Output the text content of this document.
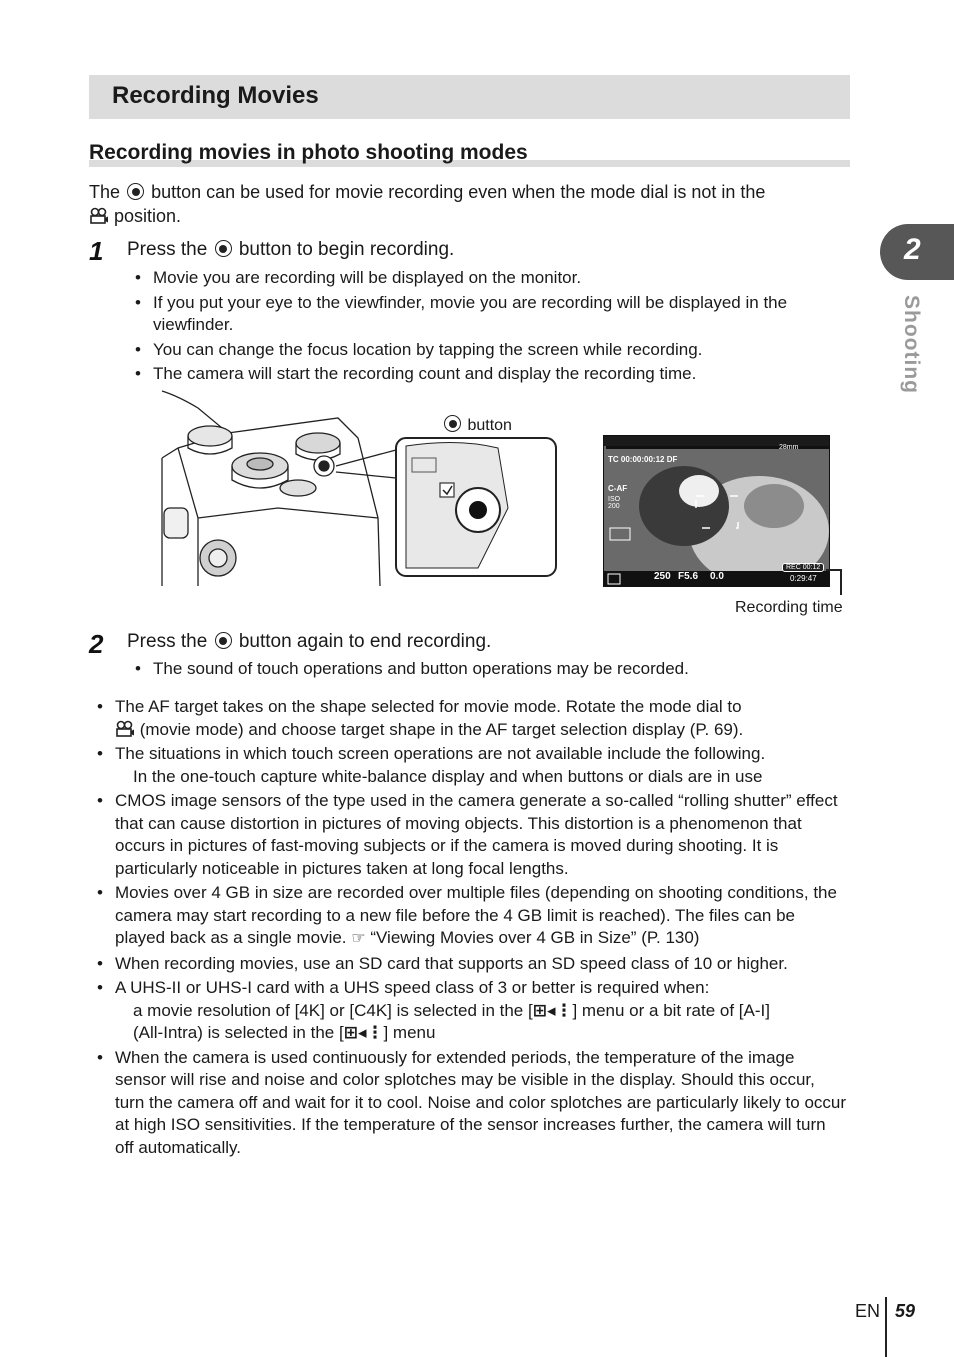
Recording Movies
Recording movies in photo shooting modes
The button can be used for movie recording even when the mode dial is not in the
position.
1 Press the button to begin recording.
• Movie you are recording will be displayed on the monitor.
• If you put your eye to the viewfinder, movie you are recording will be displayed in the viewfinder.
• You can change the focus location by tapping the screen while recording.
• The camera will start the recording count and display the recording time.
button
TC 00:00:00:12 DF
C-AF
ISO 200
28mm
250 F5.6 0.0
REC 00:12
0:29:47
Recording time
2 Press the button again to end recording.
• The sound of touch operations and button operations may be recorded.
• The AF target takes on the shape selected for movie mode. Rotate the mode dial to
(movie mode) and choose target shape in the AF target selection display (P. 69).
• The situations in which touch screen operations are not available include the following.
In the one-touch capture white-balance display and when buttons or dials are in use
• CMOS image sensors of the type used in the camera generate a so-called “rolling shutter” effect that can cause distortion in pictures of moving objects. This distortion is a phenomenon that occurs in pictures of fast-moving subjects or if the camera is moved during shooting. It is particularly noticeable in pictures taken at long focal lengths.
• Movies over 4 GB in size are recorded over multiple files (depending on shooting conditions, the camera may start recording to a new file before the 4 GB limit is reached). The files can be played back as a single movie. ☞ “Viewing Movies over 4 GB in Size” (P. 130)
• When recording movies, use an SD card that supports an SD speed class of 10 or higher.
• A UHS-II or UHS-I card with a UHS speed class of 3 or better is required when:
a movie resolution of [4K] or [C4K] is selected in the [⊞◂⋮] menu or a bit rate of [A-I]
(All-Intra) is selected in the [⊞◂⋮] menu
• When the camera is used continuously for extended periods, the temperature of the image sensor will rise and noise and color splotches may be visible in the display. Should this occur, turn the camera off and wait for it to cool. Noise and color splotches are particularly likely to occur at high ISO sensitivities. If the temperature of the sensor increases further, the camera will turn off automatically.
2
Shooting
EN 59
